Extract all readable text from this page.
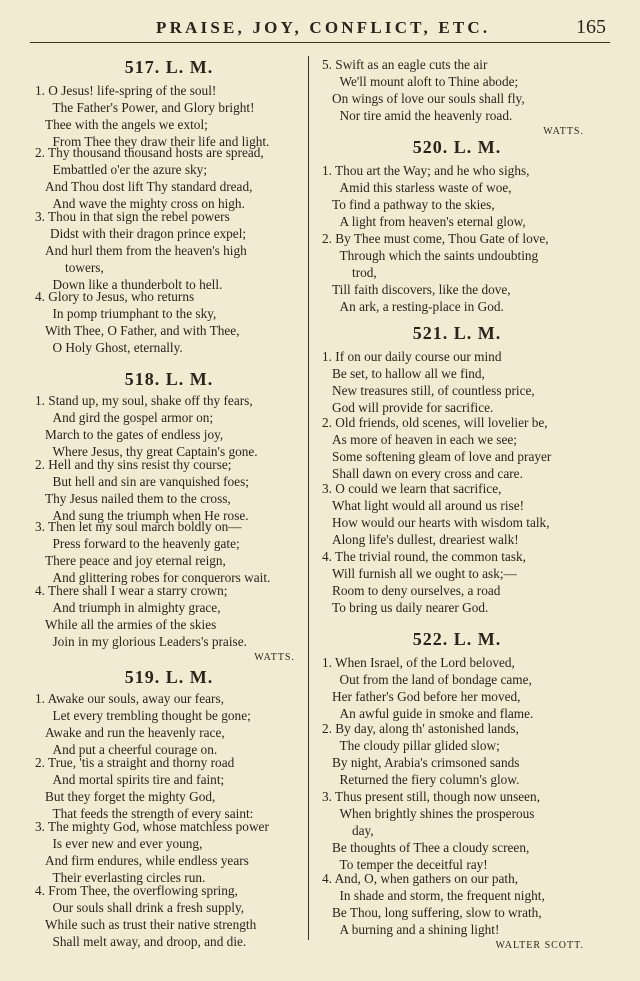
PRAISE, JOY, CONFLICT, ETC.	165
517. L. M.
1. O Jesus! life-spring of the soul!
The Father's Power, and Glory bright!
Thee with the angels we extol;
From Thee they draw their life and light.
2. Thy thousand thousand hosts are spread,
Embattled o'er the azure sky;
And Thou dost lift Thy standard dread,
And wave the mighty cross on high.
3. Thou in that sign the rebel powers
Didst with their dragon prince expel;
And hurl them from the heaven's high
towers,
Down like a thunderbolt to hell.
4. Glory to Jesus, who returns
In pomp triumphant to the sky,
With Thee, O Father, and with Thee,
O Holy Ghost, eternally.
518. L. M.
1. Stand up, my soul, shake off thy fears,
And gird the gospel armor on;
March to the gates of endless joy,
Where Jesus, thy great Captain's gone.
2. Hell and thy sins resist thy course;
But hell and sin are vanquished foes;
Thy Jesus nailed them to the cross,
And sung the triumph when He rose.
3. Then let my soul march boldly on—
Press forward to the heavenly gate;
There peace and joy eternal reign,
And glittering robes for conquerors wait.
4. There shall I wear a starry crown;
And triumph in almighty grace,
While all the armies of the skies
Join in my glorious Leaders's praise.
WATTS.
519. L. M.
1. Awake our souls, away our fears,
Let every trembling thought be gone;
Awake and run the heavenly race,
And put a cheerful courage on.
2. True, 'tis a straight and thorny road
And mortal spirits tire and faint;
But they forget the mighty God,
That feeds the strength of every saint:
3. The mighty God, whose matchless power
Is ever new and ever young,
And firm endures, while endless years
Their everlasting circles run.
4. From Thee, the overflowing spring,
Our souls shall drink a fresh supply,
While such as trust their native strength
Shall melt away, and droop, and die.
5. Swift as an eagle cuts the air
We'll mount aloft to Thine abode;
On wings of love our souls shall fly,
Nor tire amid the heavenly road.
WATTS.
520. L. M.
1. Thou art the Way; and he who sighs,
Amid this starless waste of woe,
To find a pathway to the skies,
A light from heaven's eternal glow,
2. By Thee must come, Thou Gate of love,
Through which the saints undoubting
trod,
Till faith discovers, like the dove,
An ark, a resting-place in God.
521. L. M.
1. If on our daily course our mind
Be set, to hallow all we find,
New treasures still, of countless price,
God will provide for sacrifice.
2. Old friends, old scenes, will lovelier be,
As more of heaven in each we see;
Some softening gleam of love and prayer
Shall dawn on every cross and care.
3. O could we learn that sacrifice,
What light would all around us rise!
How would our hearts with wisdom talk,
Along life's dullest, dreariest walk!
4. The trivial round, the common task,
Will furnish all we ought to ask;—
Room to deny ourselves, a road
To bring us daily nearer God.
522. L. M.
1. When Israel, of the Lord beloved,
Out from the land of bondage came,
Her father's God before her moved,
An awful guide in smoke and flame.
2. By day, along th' astonished lands,
The cloudy pillar glided slow;
By night, Arabia's crimsoned sands
Returned the fiery column's glow.
3. Thus present still, though now unseen,
When brightly shines the prosperous
day,
Be thoughts of Thee a cloudy screen,
To temper the deceitful ray!
4. And, O, when gathers on our path,
In shade and storm, the frequent night,
Be Thou, long suffering, slow to wrath,
A burning and a shining light!
WALTER SCOTT.
